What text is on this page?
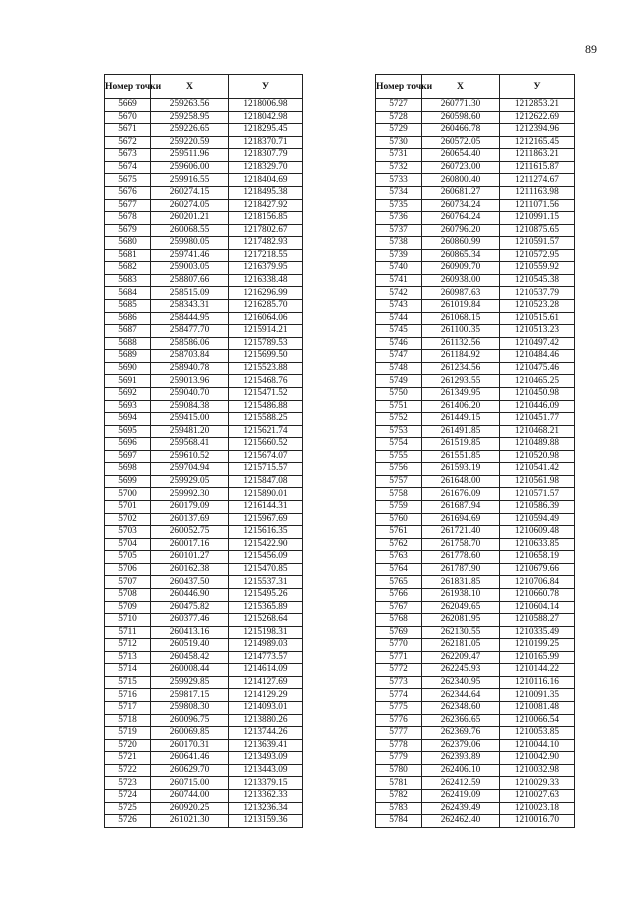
89
Номер точки	X	У
5669	259263.56	1218006.98
5670	259258.95	1218042.98
5671	259226.65	1218295.45
5672	259220.59	1218370.71
5673	259511.96	1218307.79
5674	259606.00	1218329.70
5675	259916.55	1218404.69
5676	260274.15	1218495.38
5677	260274.05	1218427.92
5678	260201.21	1218156.85
5679	260068.55	1217802.67
5680	259980.05	1217482.93
5681	259741.46	1217218.55
5682	259003.05	1216379.95
5683	258807.66	1216338.48
5684	258515.09	1216296.99
5685	258343.31	1216285.70
5686	258444.95	1216064.06
5687	258477.70	1215914.21
5688	258586.06	1215789.53
5689	258703.84	1215699.50
5690	258940.78	1215523.88
5691	259013.96	1215468.76
5692	259040.70	1215471.52
5693	259084.38	1215486.88
5694	259415.00	1215588.25
5695	259481.20	1215621.74
5696	259568.41	1215660.52
5697	259610.52	1215674.07
5698	259704.94	1215715.57
5699	259929.05	1215847.08
5700	259992.30	1215890.01
5701	260179.09	1216144.31
5702	260137.69	1215967.69
5703	260052.75	1215616.35
5704	260017.16	1215422.90
5705	260101.27	1215456.09
5706	260162.38	1215470.85
5707	260437.50	1215537.31
5708	260446.90	1215495.26
5709	260475.82	1215365.89
5710	260377.46	1215268.64
5711	260413.16	1215198.31
5712	260519.40	1214989.03
5713	260458.42	1214773.57
5714	260008.44	1214614.09
5715	259929.85	1214127.69
5716	259817.15	1214129.29
5717	259808.30	1214093.01
5718	260096.75	1213880.26
5719	260069.85	1213744.26
5720	260170.31	1213639.41
5721	260641.46	1213493.09
5722	260629.70	1213443.09
5723	260715.00	1213379.15
5724	260744.00	1213362.33
5725	260920.25	1213236.34
5726	261021.30	1213159.36
Номер точки	X	У
5727	260771.30	1212853.21
5728	260598.60	1212622.69
5729	260466.78	1212394.96
5730	260572.05	1212165.45
5731	260654.40	1211863.21
5732	260723.00	1211615.87
5733	260800.40	1211274.67
5734	260681.27	1211163.98
5735	260734.24	1211071.56
5736	260764.24	1210991.15
5737	260796.20	1210875.65
5738	260860.99	1210591.57
5739	260865.34	1210572.95
5740	260909.70	1210559.92
5741	260938.00	1210545.38
5742	260987.63	1210537.79
5743	261019.84	1210523.28
5744	261068.15	1210515.61
5745	261100.35	1210513.23
5746	261132.56	1210497.42
5747	261184.92	1210484.46
5748	261234.56	1210475.46
5749	261293.55	1210465.25
5750	261349.95	1210450.98
5751	261406.20	1210446.09
5752	261449.15	1210451.77
5753	261491.85	1210468.21
5754	261519.85	1210489.88
5755	261551.85	1210520.98
5756	261593.19	1210541.42
5757	261648.00	1210561.98
5758	261676.09	1210571.57
5759	261687.94	1210586.39
5760	261694.69	1210594.49
5761	261721.40	1210609.48
5762	261758.70	1210633.85
5763	261778.60	1210658.19
5764	261787.90	1210679.66
5765	261831.85	1210706.84
5766	261938.10	1210660.78
5767	262049.65	1210604.14
5768	262081.95	1210588.27
5769	262130.55	1210335.49
5770	262181.05	1210199.25
5771	262209.47	1210165.99
5772	262245.93	1210144.22
5773	262340.95	1210116.16
5774	262344.64	1210091.35
5775	262348.60	1210081.48
5776	262366.65	1210066.54
5777	262369.76	1210053.85
5778	262379.06	1210044.10
5779	262393.89	1210042.90
5780	262406.10	1210032.98
5781	262412.59	1210029.33
5782	262419.09	1210027.63
5783	262439.49	1210023.18
5784	262462.40	1210016.70
